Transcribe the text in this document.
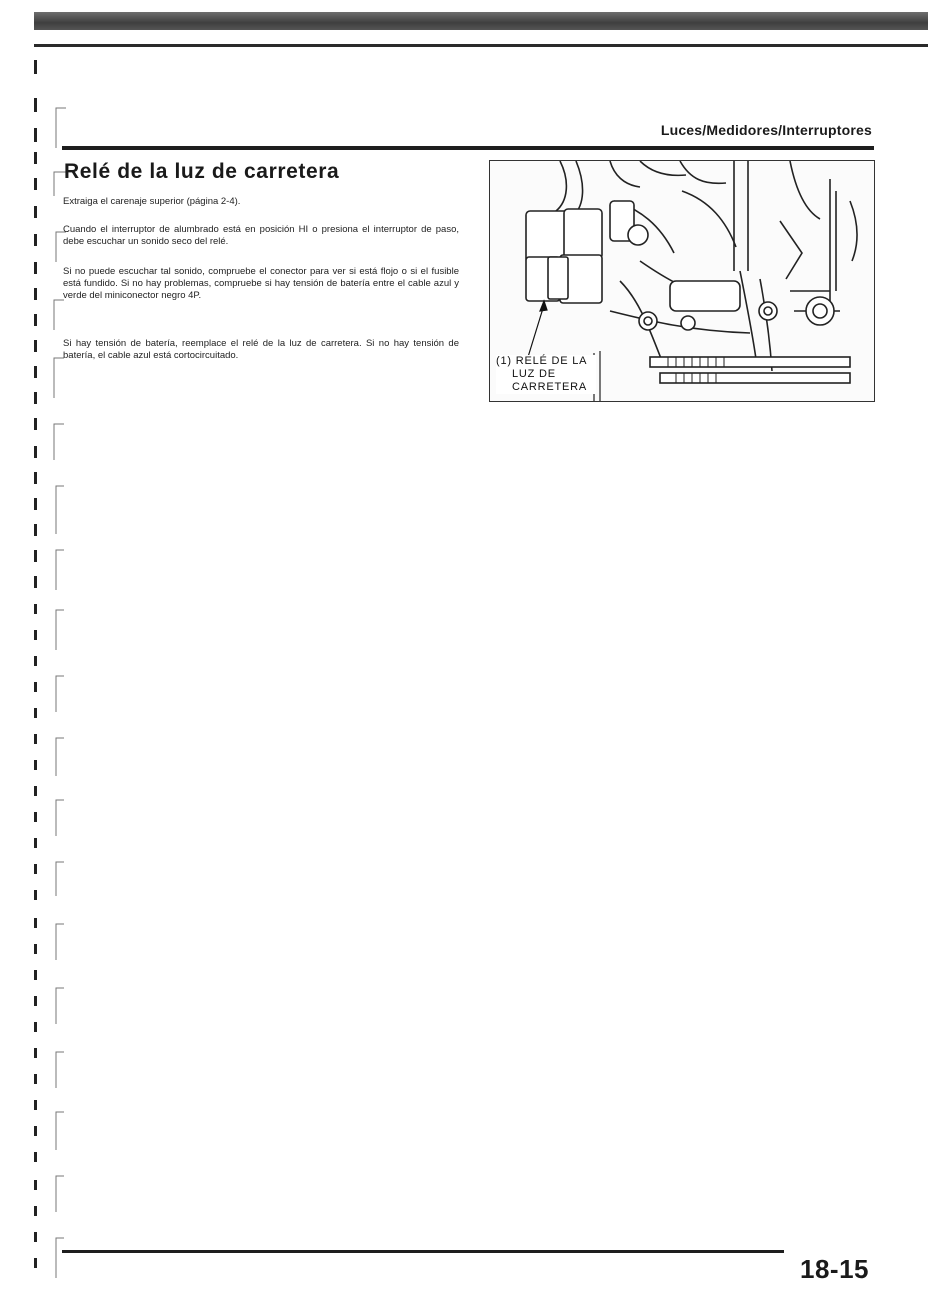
Luces/Medidores/Interruptores
Relé de la luz de carretera

Extraiga el carenaje superior (página 2-4).

Cuando el interruptor de alumbrado está en posición HI o presiona el interruptor de paso, debe escuchar un sonido seco del relé.

Si no puede escuchar tal sonido, compruebe el conector para ver si está flojo o si el fusible está fundido. Si no hay problemas, compruebe si hay tensión de batería entre el cable azul y verde del miniconector negro 4P.

Si hay tensión de batería, reemplace el relé de la luz de carretera. Si no hay tensión de batería, el cable azul está cortocircuitado.	(1) RELÉ DE LA
LUZ DE
CARRETERA
18-15
